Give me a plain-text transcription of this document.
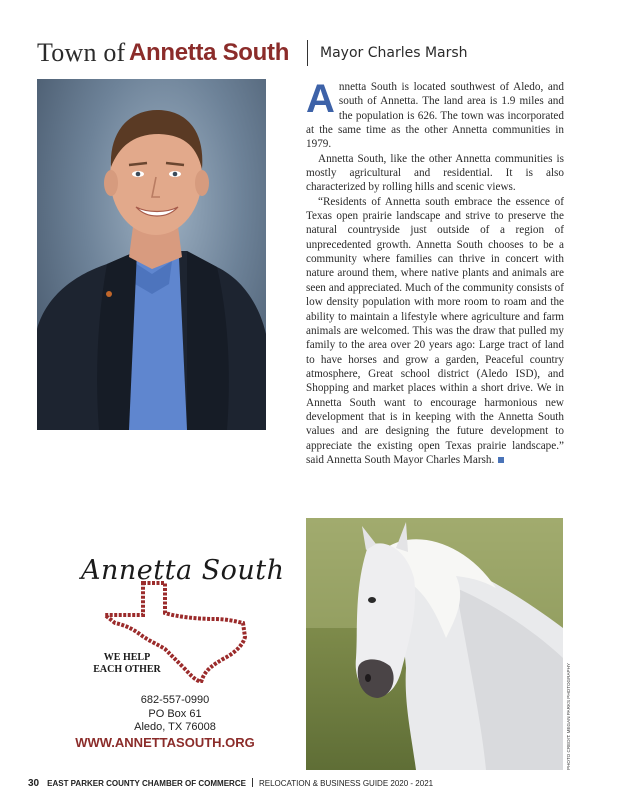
Town of Annetta South Mayor Charles Marsh

Annetta South is located southwest of Aledo, and south of Annetta. The land area is 1.9 miles and the population is 626. The town was incorporated at the same time as the other Annetta communities in 1979.

Annetta South, like the other Annetta communities is mostly agricultural and residential. It is also characterized by rolling hills and scenic views.

“Residents of Annetta south embrace the essence of Texas open prairie landscape and strive to preserve the natural countryside just outside of a region of unprecedented growth. Annetta South chooses to be a community where families can thrive in concert with nature around them, where native plants and animals are seen and appreciated. Much of the community consists of low density population with more room to roam and the ability to maintain a lifestyle where agriculture and farm animals are welcomed. This was the draw that pulled my family to the area over 20 years ago: Large tract of land to have horses and grow a garden, Peaceful country atmosphere, Great school district (Aledo ISD), and Shopping and market places within a short drive. We in Annetta South want to encourage harmonious new development that is in keeping with the Annetta South values and are designing the future development to appreciate the existing open Texas prairie landscape.” said Annetta South Mayor Charles Marsh.

Annetta South
WE HELP
EACH OTHER
682-557-0990
PO Box 61
Aledo, TX 76008
WWW.ANNETTASOUTH.ORG	PHOTO CREDIT: MEGAN PARKS PHOTOGRAPHY
30 EAST PARKER COUNTY CHAMBER OF COMMERCE RELOCATION & BUSINESS GUIDE 2020 - 2021
